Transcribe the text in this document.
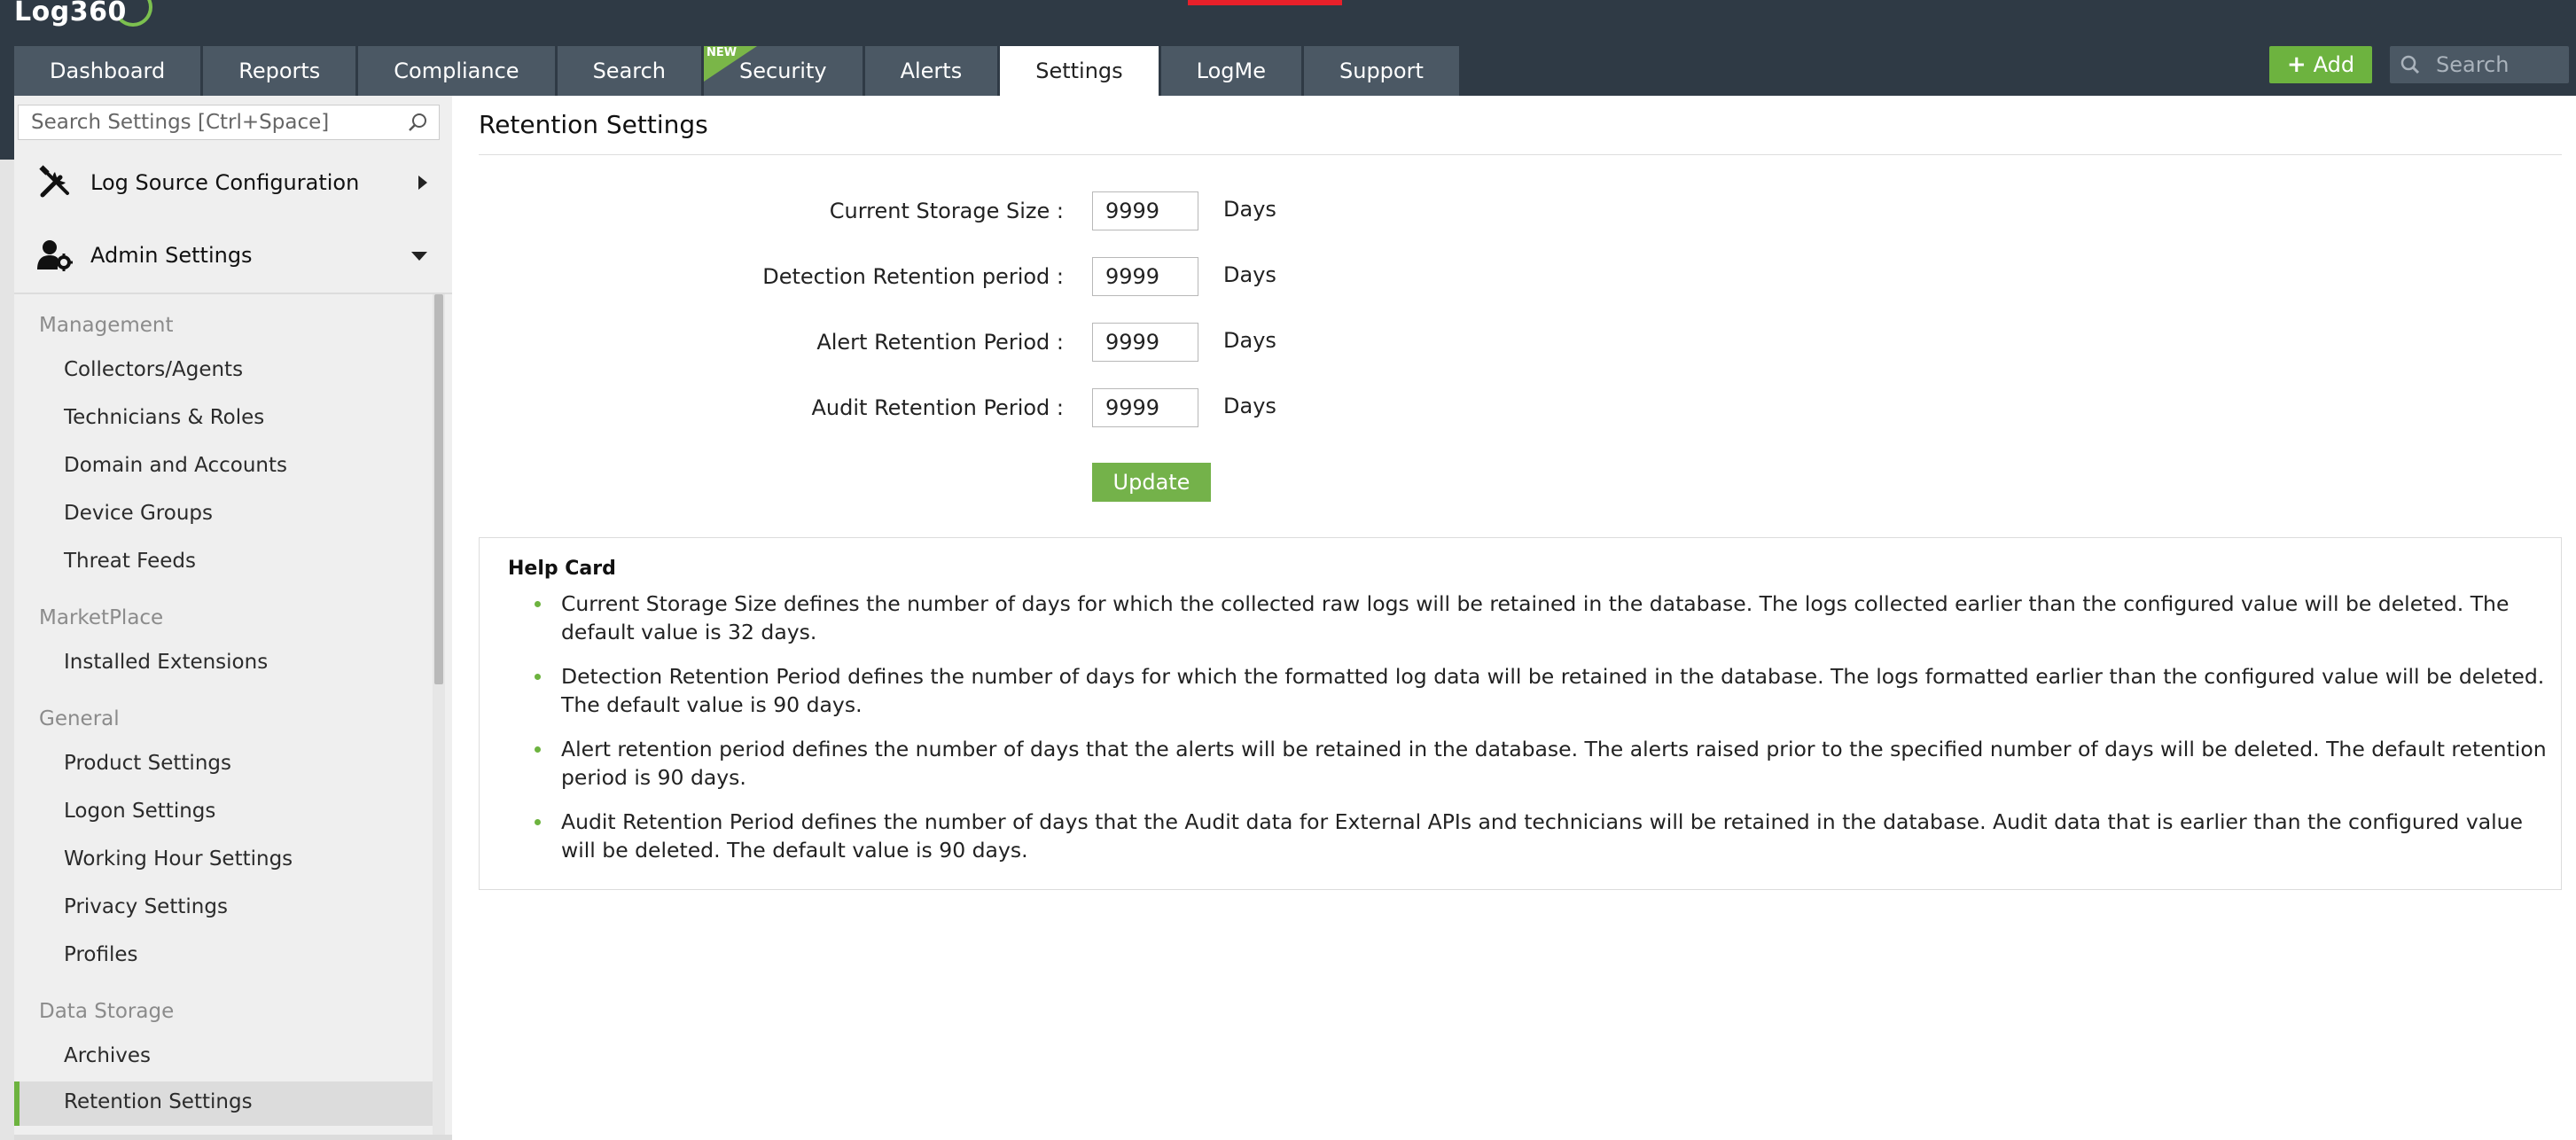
Log360
Dashboard	Reports	Compliance	Search
NEW
Security	Alerts	Settings	LogMe	Support	+ Add	Search
Search Settings [Ctrl+Space]
Log Source Configuration
Admin Settings
Management
Collectors/Agents
Technicians & Roles
Domain and Accounts
Device Groups
Threat Feeds
MarketPlace
Installed Extensions
General
Product Settings
Logon Settings
Working Hour Settings
Privacy Settings
Profiles
Data Storage
Archives
Retention Settings
Retention Settings
Current Storage Size :
9999	Days
Detection Retention period :
9999	Days
Alert Retention Period :
9999	Days
Audit Retention Period :
9999	Days
Update
Help Card
Current Storage Size defines the number of days for which the collected raw logs will be retained in the database. The logs collected earlier than the configured value will be deleted. The default value is 32 days.
Detection Retention Period defines the number of days for which the formatted log data will be retained in the database. The logs formatted earlier than the configured value will be deleted. The default value is 90 days.
Alert retention period defines the number of days that the alerts will be retained in the database. The alerts raised prior to the specified number of days will be deleted. The default retention period is 90 days.
Audit Retention Period defines the number of days that the Audit data for External APIs and technicians will be retained in the database. Audit data that is earlier than the configured value will be deleted. The default value is 90 days.
